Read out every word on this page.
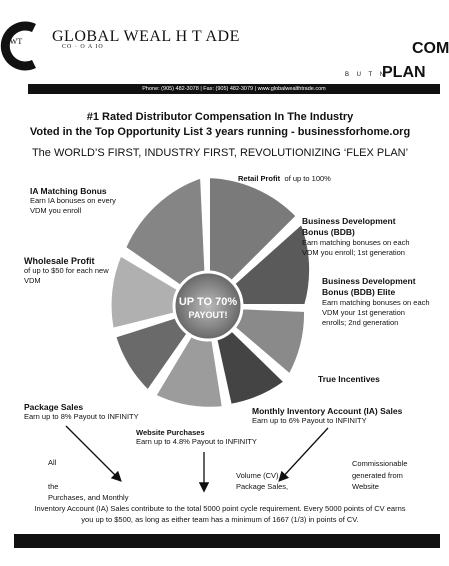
GWT GLOBAL WEAL H T ADE
CO · O A IO	COM
B U T N
PLAN
Phone: (905) 482-3078 | Fax: (905) 482-3079 | www.globalwealthtrade.com
#1 Rated Distributor Compensation In The Industry
Voted in the Top Opportunity List 3 years running - businessforhome.org
The WORLD’S FIRST, INDUSTRY FIRST, REVOLUTIONIZING ‘FLEX PLAN’
UP TO 70%
PAYOUT!
Retail Profit of up to 100%
IA Matching Bonus
Earn IA bonuses on every VDM you enroll
Business Development Bonus (BDB)
Earn matching bonuses on each VDM you enroll; 1st generation
Wholesale Profit
of up to $50 for each new VDM	Business Development Bonus (BDB) Elite
Earn matching bonuses on each VDM your 1st generation enrolls; 2nd generation
True Incentives
Package Sales
Earn up to 8% Payout to INFINITY
Monthly Inventory Account (IA) Sales
Earn up to 6% Payout to INFINITY
Website Purchases
Earn up to 4.8% Payout to INFINITY
All
the
Purchases, and Monthly
Volume (CV)
Package Sales,
Commissionable
generated from
Website
Inventory Account (IA) Sales contribute to the total 5000 point cycle requirement. Every 5000 points of CV earns
you up to $500, as long as either team has a minimum of 1667 (1/3) in points of CV.
